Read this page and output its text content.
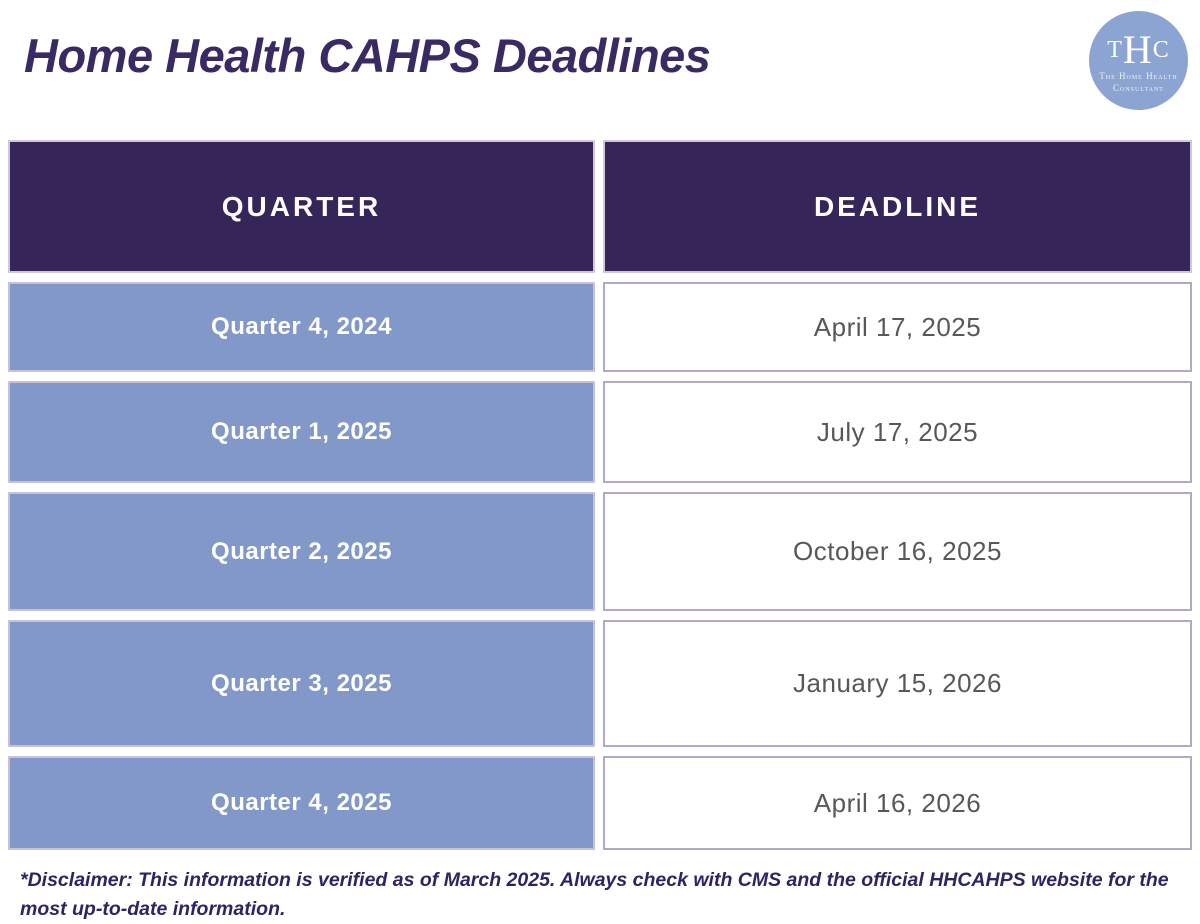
Home Health CAHPS Deadlines	THC
The Home Health
Consultant
QUARTER	DEADLINE
Quarter 4, 2024	April 17, 2025
Quarter 1, 2025	July 17, 2025
Quarter 2, 2025	October 16, 2025
Quarter 3, 2025	January 15, 2026
Quarter 4, 2025	April 16, 2026

*Disclaimer: This information is verified as of March 2025. Always check with CMS and the official HHCAHPS website for the most up-to-date information.
